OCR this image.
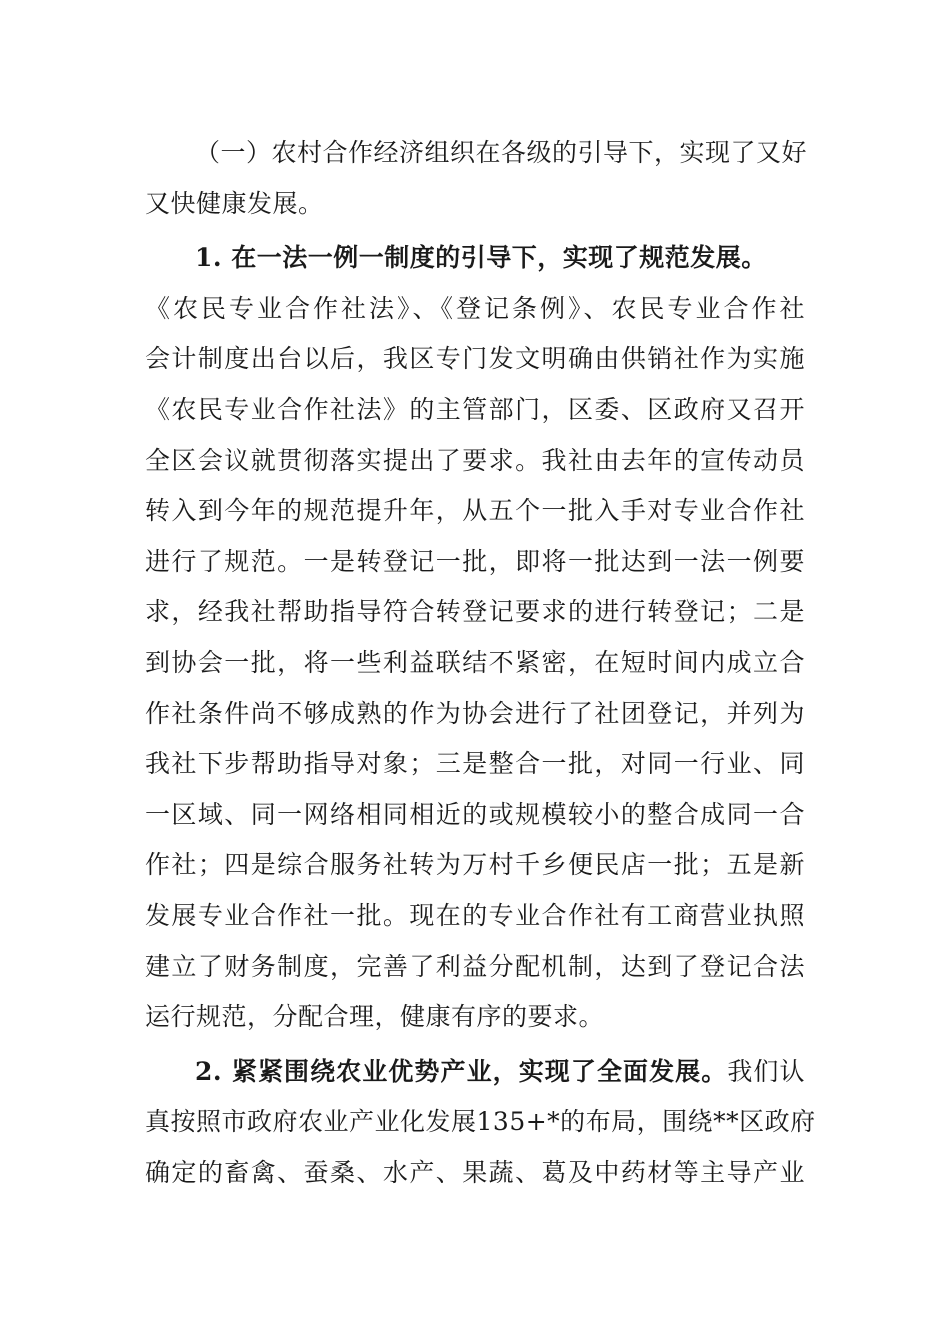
（一）农村合作经济组织在各级的引导下，实现了又好
又快健康发展。
1. 在一法一例一制度的引导下，实现了规范发展。
《农民专业合作社法》、《登记条例》、农民专业合作社
会计制度出台以后，我区专门发文明确由供销社作为实施
《农民专业合作社法》的主管部门，区委、区政府又召开
全区会议就贯彻落实提出了要求。我社由去年的宣传动员
转入到今年的规范提升年，从五个一批入手对专业合作社
进行了规范。一是转登记一批，即将一批达到一法一例要
求，经我社帮助指导符合转登记要求的进行转登记；二是
到协会一批，将一些利益联结不紧密，在短时间内成立合
作社条件尚不够成熟的作为协会进行了社团登记，并列为
我社下步帮助指导对象；三是整合一批，对同一行业、同
一区域、同一网络相同相近的或规模较小的整合成同一合
作社；四是综合服务社转为万村千乡便民店一批；五是新
发展专业合作社一批。现在的专业合作社有工商营业执照
建立了财务制度，完善了利益分配机制，达到了登记合法
运行规范，分配合理，健康有序的要求。
2. 紧紧围绕农业优势产业，实现了全面发展。我们认
真按照市政府农业产业化发展135+*的布局，围绕**区政府
确定的畜禽、蚕桑、水产、果蔬、葛及中药材等主导产业
